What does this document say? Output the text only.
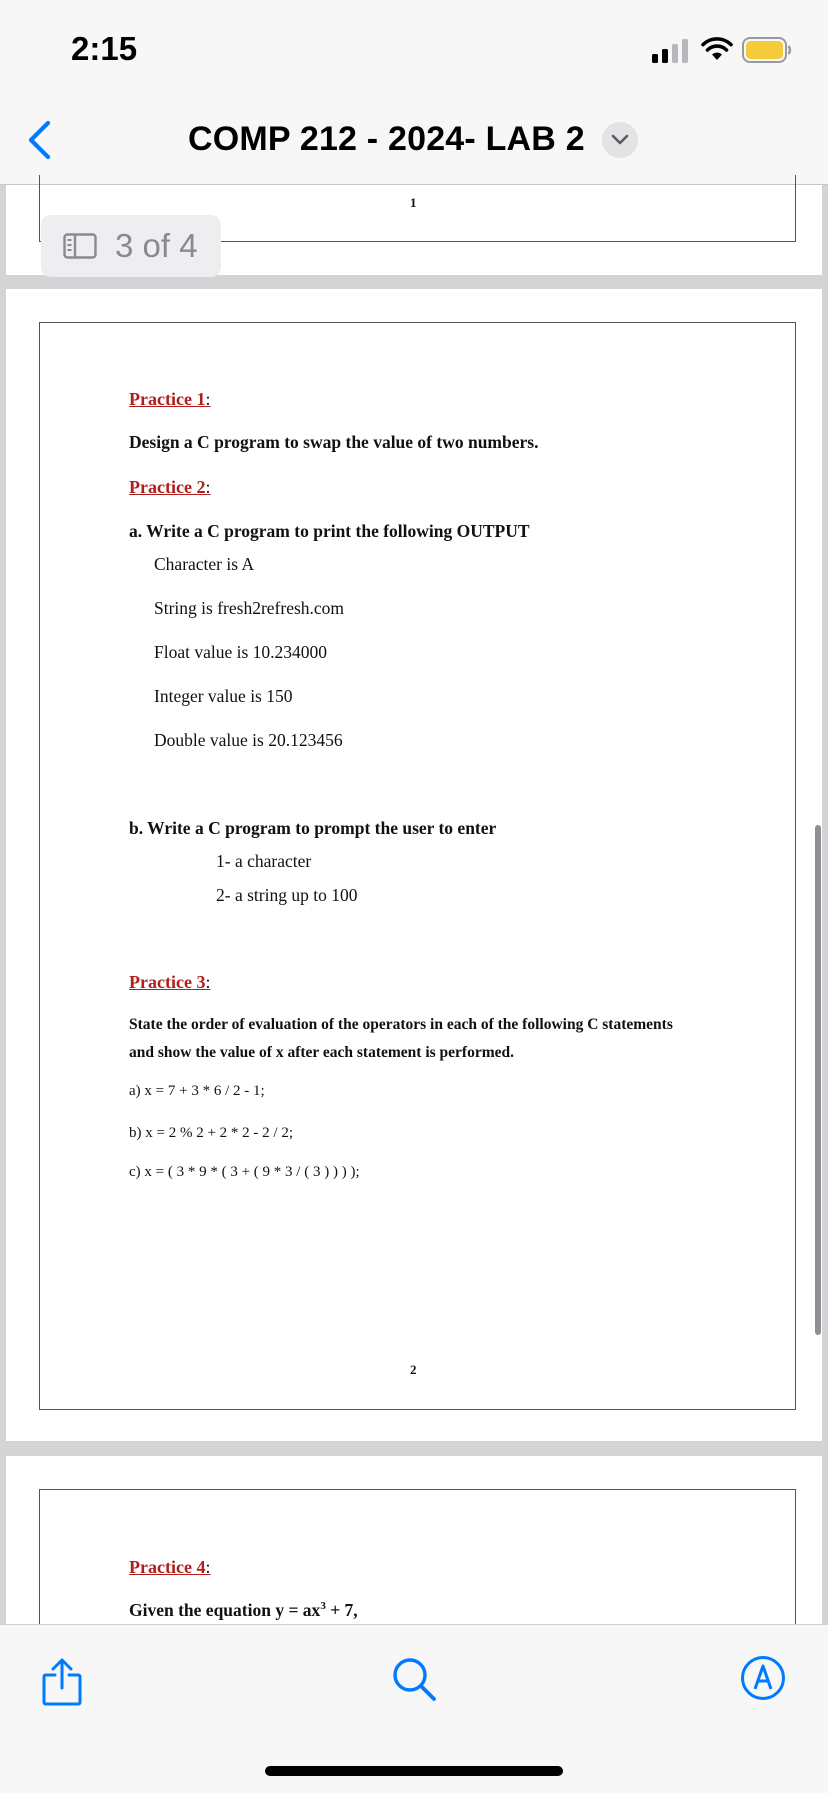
2:15
COMP 212 - 2024- LAB 2
1
3 of 4
Practice 1:
Design a C program to swap the value of two numbers.
Practice 2:
a. Write a C program to print the following OUTPUT
Character is A
String is fresh2refresh.com
Float value is 10.234000
Integer value is 150
Double value is 20.123456
b. Write a C program to prompt the user to enter
1- a character
2- a string up to 100
Practice 3:
State the order of evaluation of the operators in each of the following C statements
and show the value of x after each statement is performed.
a) x = 7 + 3 * 6 / 2 - 1;
b) x = 2 % 2 + 2 * 2 - 2 / 2;
c) x = ( 3 * 9 * ( 3 + ( 9 * 3 / ( 3 ) ) ) );
2
Practice 4:
Given the equation $y = ax^3 + 7$,
